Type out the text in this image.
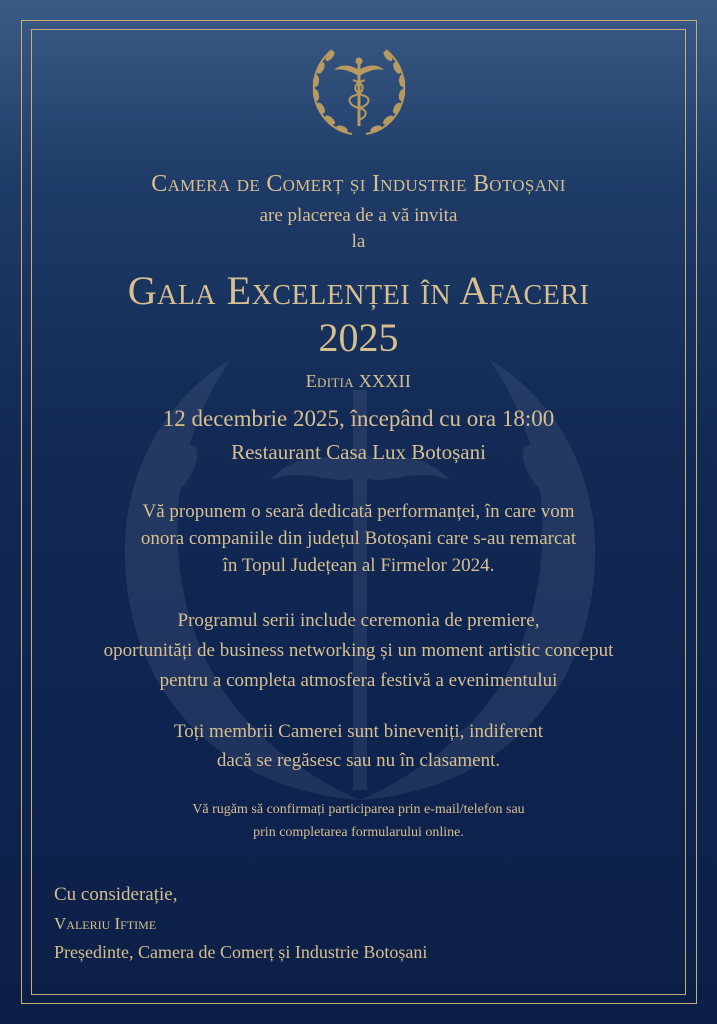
Camera de Comerț și Industrie Botoșani
are placerea de a vă invita
la
Gala Excelenței în Afaceri
2025
Editia XXXII
12 decembrie 2025, începând cu ora 18:00
Restaurant Casa Lux Botoșani
Vă propunem o seară dedicată performanței, în care vom
onora companiile din județul Botoșani care s-au remarcat
în Topul Județean al Firmelor 2024.
Programul serii include ceremonia de premiere,
oportunități de business networking și un moment artistic conceput
pentru a completa atmosfera festivă a evenimentului
Toți membrii Camerei sunt bineveniți, indiferent
dacă se regăsesc sau nu în clasament.
Vă rugăm să confirmați participarea prin e-mail/telefon sau
prin completarea formularului online.
Cu considerație,
Valeriu Iftime
Președinte, Camera de Comerț și Industrie Botoșani
